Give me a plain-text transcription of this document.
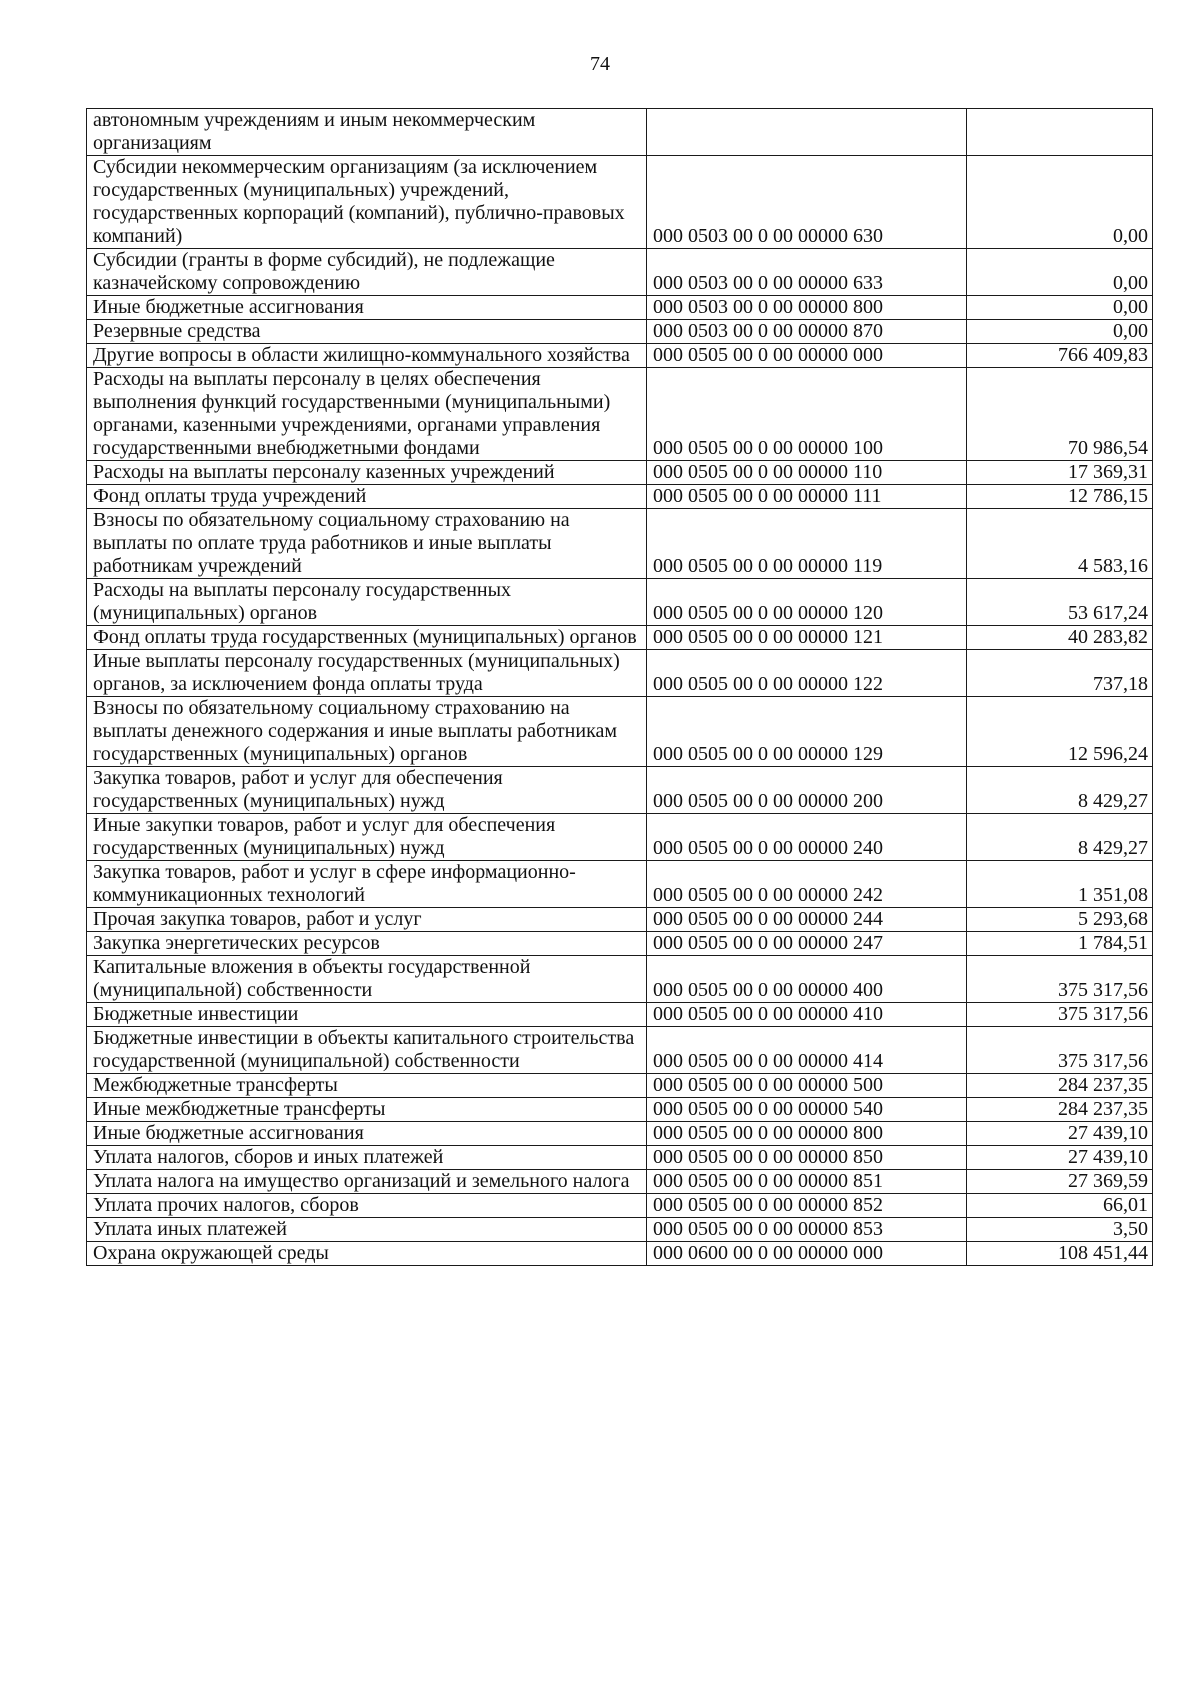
74
автономным учреждениям и иным некоммерческим организациям		
Субсидии некоммерческим организациям (за исключением государственных (муниципальных) учреждений, государственных корпораций (компаний), публично-правовых компаний)	000 0503 00 0 00 00000 630	0,00
Субсидии (гранты в форме субсидий), не подлежащие казначейскому сопровождению	000 0503 00 0 00 00000 633	0,00
Иные бюджетные ассигнования	000 0503 00 0 00 00000 800	0,00
Резервные средства	000 0503 00 0 00 00000 870	0,00
Другие вопросы в области жилищно-коммунального хозяйства	000 0505 00 0 00 00000 000	766 409,83
Расходы на выплаты персоналу в целях обеспечения выполнения функций государственными (муниципальными) органами, казенными учреждениями, органами управления государственными внебюджетными фондами	000 0505 00 0 00 00000 100	70 986,54
Расходы на выплаты персоналу казенных учреждений	000 0505 00 0 00 00000 110	17 369,31
Фонд оплаты труда учреждений	000 0505 00 0 00 00000 111	12 786,15
Взносы по обязательному социальному страхованию на выплаты по оплате труда работников и иные выплаты работникам учреждений	000 0505 00 0 00 00000 119	4 583,16
Расходы на выплаты персоналу государственных (муниципальных) органов	000 0505 00 0 00 00000 120	53 617,24
Фонд оплаты труда государственных (муниципальных) органов	000 0505 00 0 00 00000 121	40 283,82
Иные выплаты персоналу государственных (муниципальных) органов, за исключением фонда оплаты труда	000 0505 00 0 00 00000 122	737,18
Взносы по обязательному социальному страхованию на выплаты денежного содержания и иные выплаты работникам государственных (муниципальных) органов	000 0505 00 0 00 00000 129	12 596,24
Закупка товаров, работ и услуг для обеспечения государственных (муниципальных) нужд	000 0505 00 0 00 00000 200	8 429,27
Иные закупки товаров, работ и услуг для обеспечения государственных (муниципальных) нужд	000 0505 00 0 00 00000 240	8 429,27
Закупка товаров, работ и услуг в сфере информационно-коммуникационных технологий	000 0505 00 0 00 00000 242	1 351,08
Прочая закупка товаров, работ и услуг	000 0505 00 0 00 00000 244	5 293,68
Закупка энергетических ресурсов	000 0505 00 0 00 00000 247	1 784,51
Капитальные вложения в объекты государственной (муниципальной) собственности	000 0505 00 0 00 00000 400	375 317,56
Бюджетные инвестиции	000 0505 00 0 00 00000 410	375 317,56
Бюджетные инвестиции в объекты капитального строительства государственной (муниципальной) собственности	000 0505 00 0 00 00000 414	375 317,56
Межбюджетные трансферты	000 0505 00 0 00 00000 500	284 237,35
Иные межбюджетные трансферты	000 0505 00 0 00 00000 540	284 237,35
Иные бюджетные ассигнования	000 0505 00 0 00 00000 800	27 439,10
Уплата налогов, сборов и иных платежей	000 0505 00 0 00 00000 850	27 439,10
Уплата налога на имущество организаций и земельного налога	000 0505 00 0 00 00000 851	27 369,59
Уплата прочих налогов, сборов	000 0505 00 0 00 00000 852	66,01
Уплата иных платежей	000 0505 00 0 00 00000 853	3,50
Охрана окружающей среды	000 0600 00 0 00 00000 000	108 451,44
